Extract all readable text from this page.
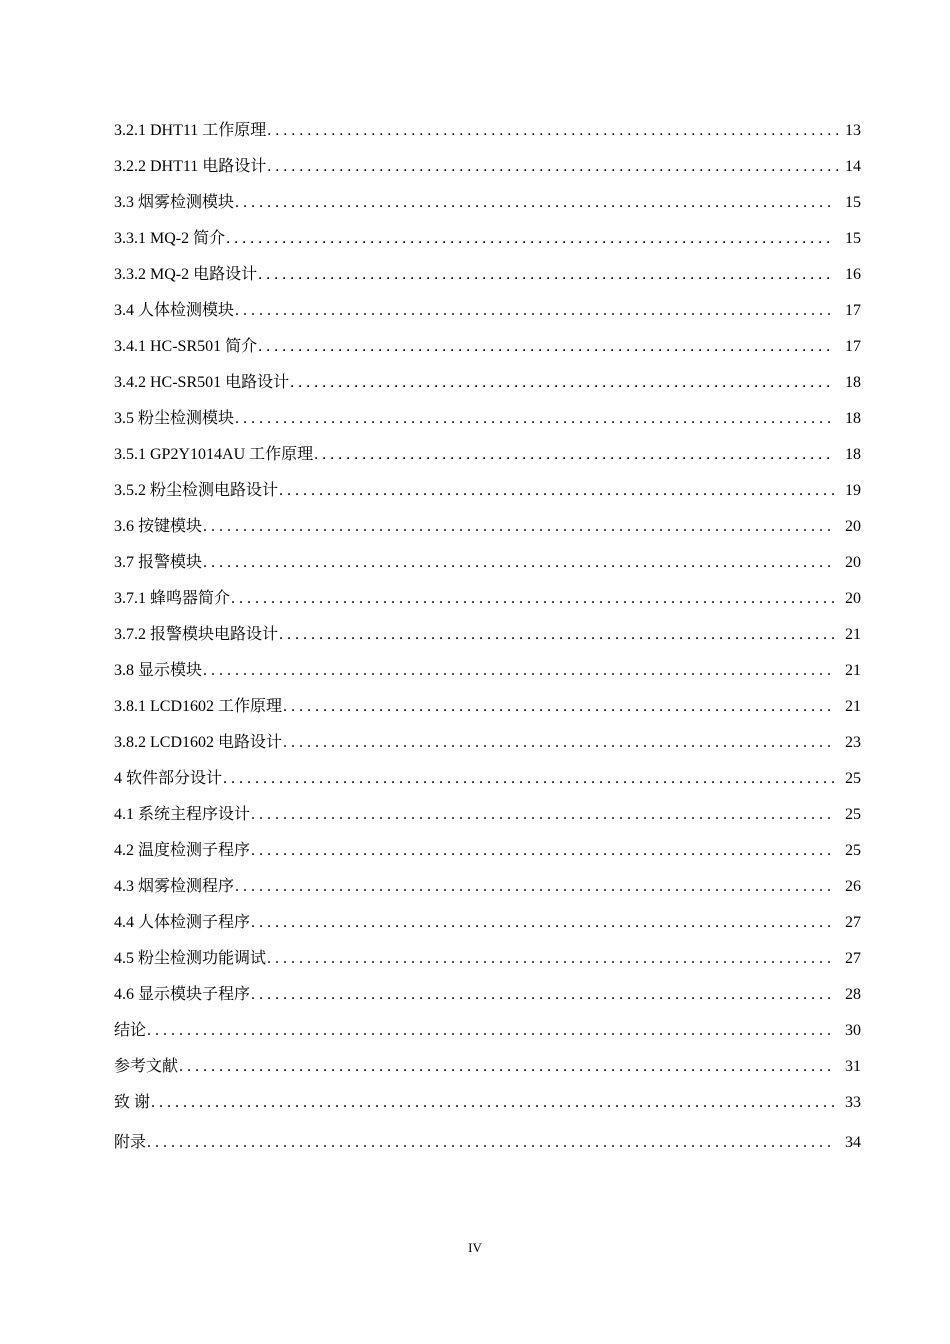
3.2.1 DHT11 工作原理 . . .	13
3.2.2 DHT11 电路设计 . . .	14
3.3 烟雾检测模块 . . .	15
3.3.1 MQ-2 简介 . . .	15
3.3.2 MQ-2 电路设计 . . .	16
3.4 人体检测模块 . . .	17
3.4.1 HC-SR501 简介 . . .	17
3.4.2 HC-SR501 电路设计 . . .	18
3.5 粉尘检测模块 . . .	18
3.5.1 GP2Y1014AU 工作原理 . . .	18
3.5.2 粉尘检测电路设计 . . .	19
3.6 按键模块 . . .	20
3.7 报警模块 . . .	20
3.7.1 蜂鸣器简介 . . .	20
3.7.2 报警模块电路设计 . . .	21
3.8 显示模块 . . .	21
3.8.1 LCD1602 工作原理 . . .	21
3.8.2 LCD1602 电路设计 . . .	23
4 软件部分设计 . . .	25
4.1 系统主程序设计 . . .	25
4.2 温度检测子程序 . . .	25
4.3 烟雾检测程序 . . .	26
4.4 人体检测子程序 . . .	27
4.5 粉尘检测功能调试 . . .	27
4.6 显示模块子程序 . . .	28
结论 . . .	30
参考文献 . . .	31
致 谢 . . .	33
附录 . . .	34
IV
